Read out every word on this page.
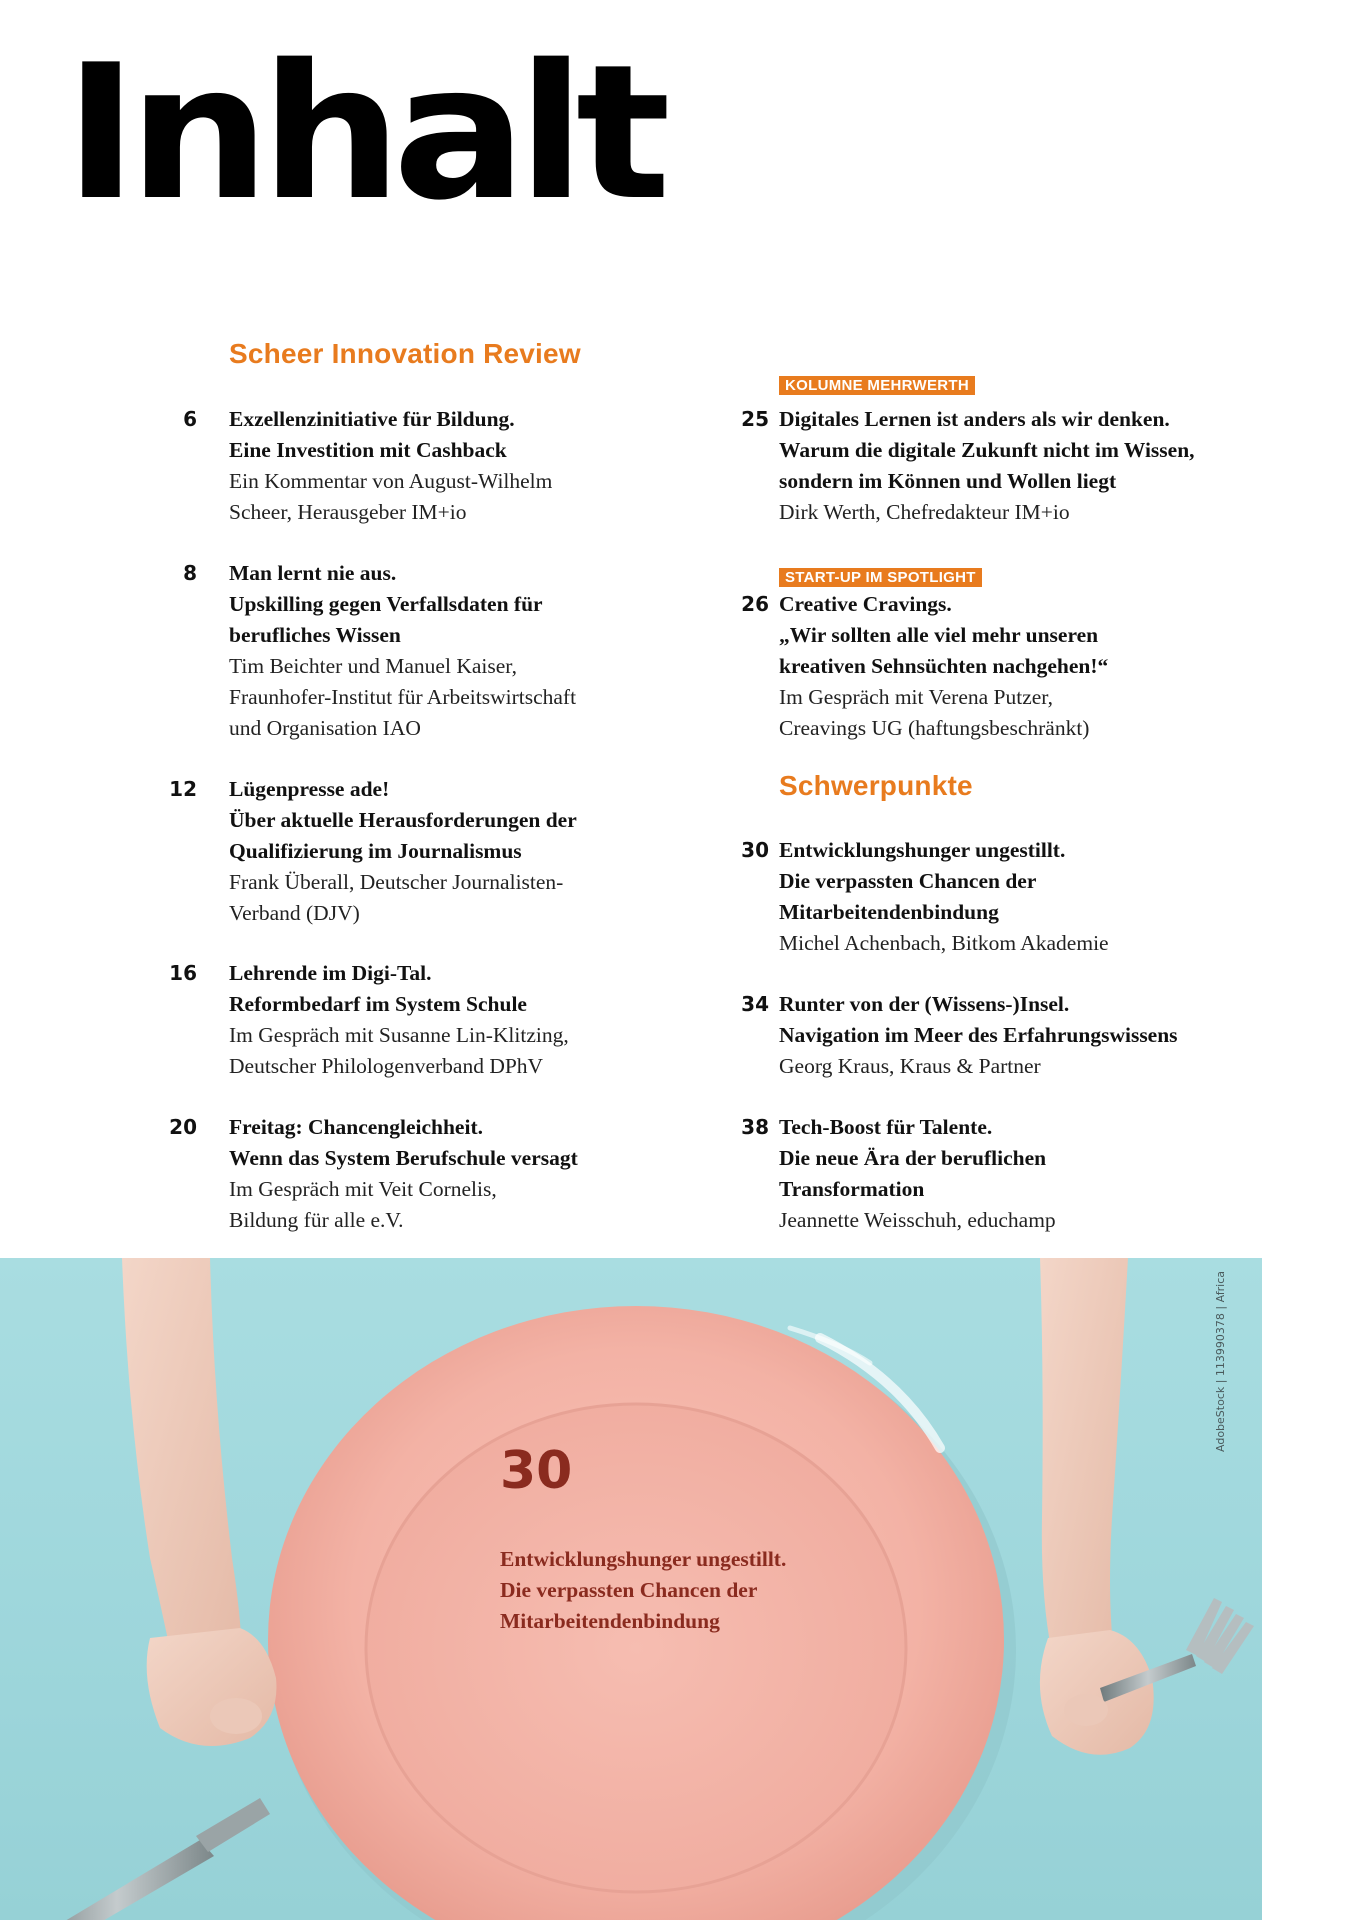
Inhalt
Scheer Innovation Review
KOLUMNE MEHRWERTH
START-UP IM SPOTLIGHT
Schwerpunkte
6 Exzellenzinitiative für Bildung.
Eine Investition mit Cashback
Ein Kommentar von August-Wilhelm
Scheer, Herausgeber IM+io
8 Man lernt nie aus.
Upskilling gegen Verfallsdaten für
berufliches Wissen
Tim Beichter und Manuel Kaiser,
Fraunhofer-Institut für Arbeitswirtschaft
und Organisation IAO
12 Lügenpresse ade!
Über aktuelle Herausforderungen der
Qualifizierung im Journalismus
Frank Überall, Deutscher Journalisten-
Verband (DJV)
16 Lehrende im Digi-Tal.
Reformbedarf im System Schule
Im Gespräch mit Susanne Lin-Klitzing,
Deutscher Philologenverband DPhV
20 Freitag: Chancengleichheit.
Wenn das System Berufschule versagt
Im Gespräch mit Veit Cornelis,
Bildung für alle e.V.
25 Digitales Lernen ist anders als wir denken.
Warum die digitale Zukunft nicht im Wissen,
sondern im Können und Wollen liegt
Dirk Werth, Chefredakteur IM+io
26 Creative Cravings.
„Wir sollten alle viel mehr unseren
kreativen Sehnsüchten nachgehen!“
Im Gespräch mit Verena Putzer,
Creavings UG (haftungsbeschränkt)
30 Entwicklungshunger ungestillt.
Die verpassten Chancen der
Mitarbeitendenbindung
Michel Achenbach, Bitkom Akademie
34 Runter von der (Wissens-)Insel.
Navigation im Meer des Erfahrungswissens
Georg Kraus, Kraus & Partner
38 Tech-Boost für Talente.
Die neue Ära der beruflichen
Transformation
Jeannette Weisschuh, educhamp
AdobeStock | 113990378 | Africa
30
Entwicklungshunger ungestillt.
Die verpassten Chancen der
Mitarbeitendenbindung
